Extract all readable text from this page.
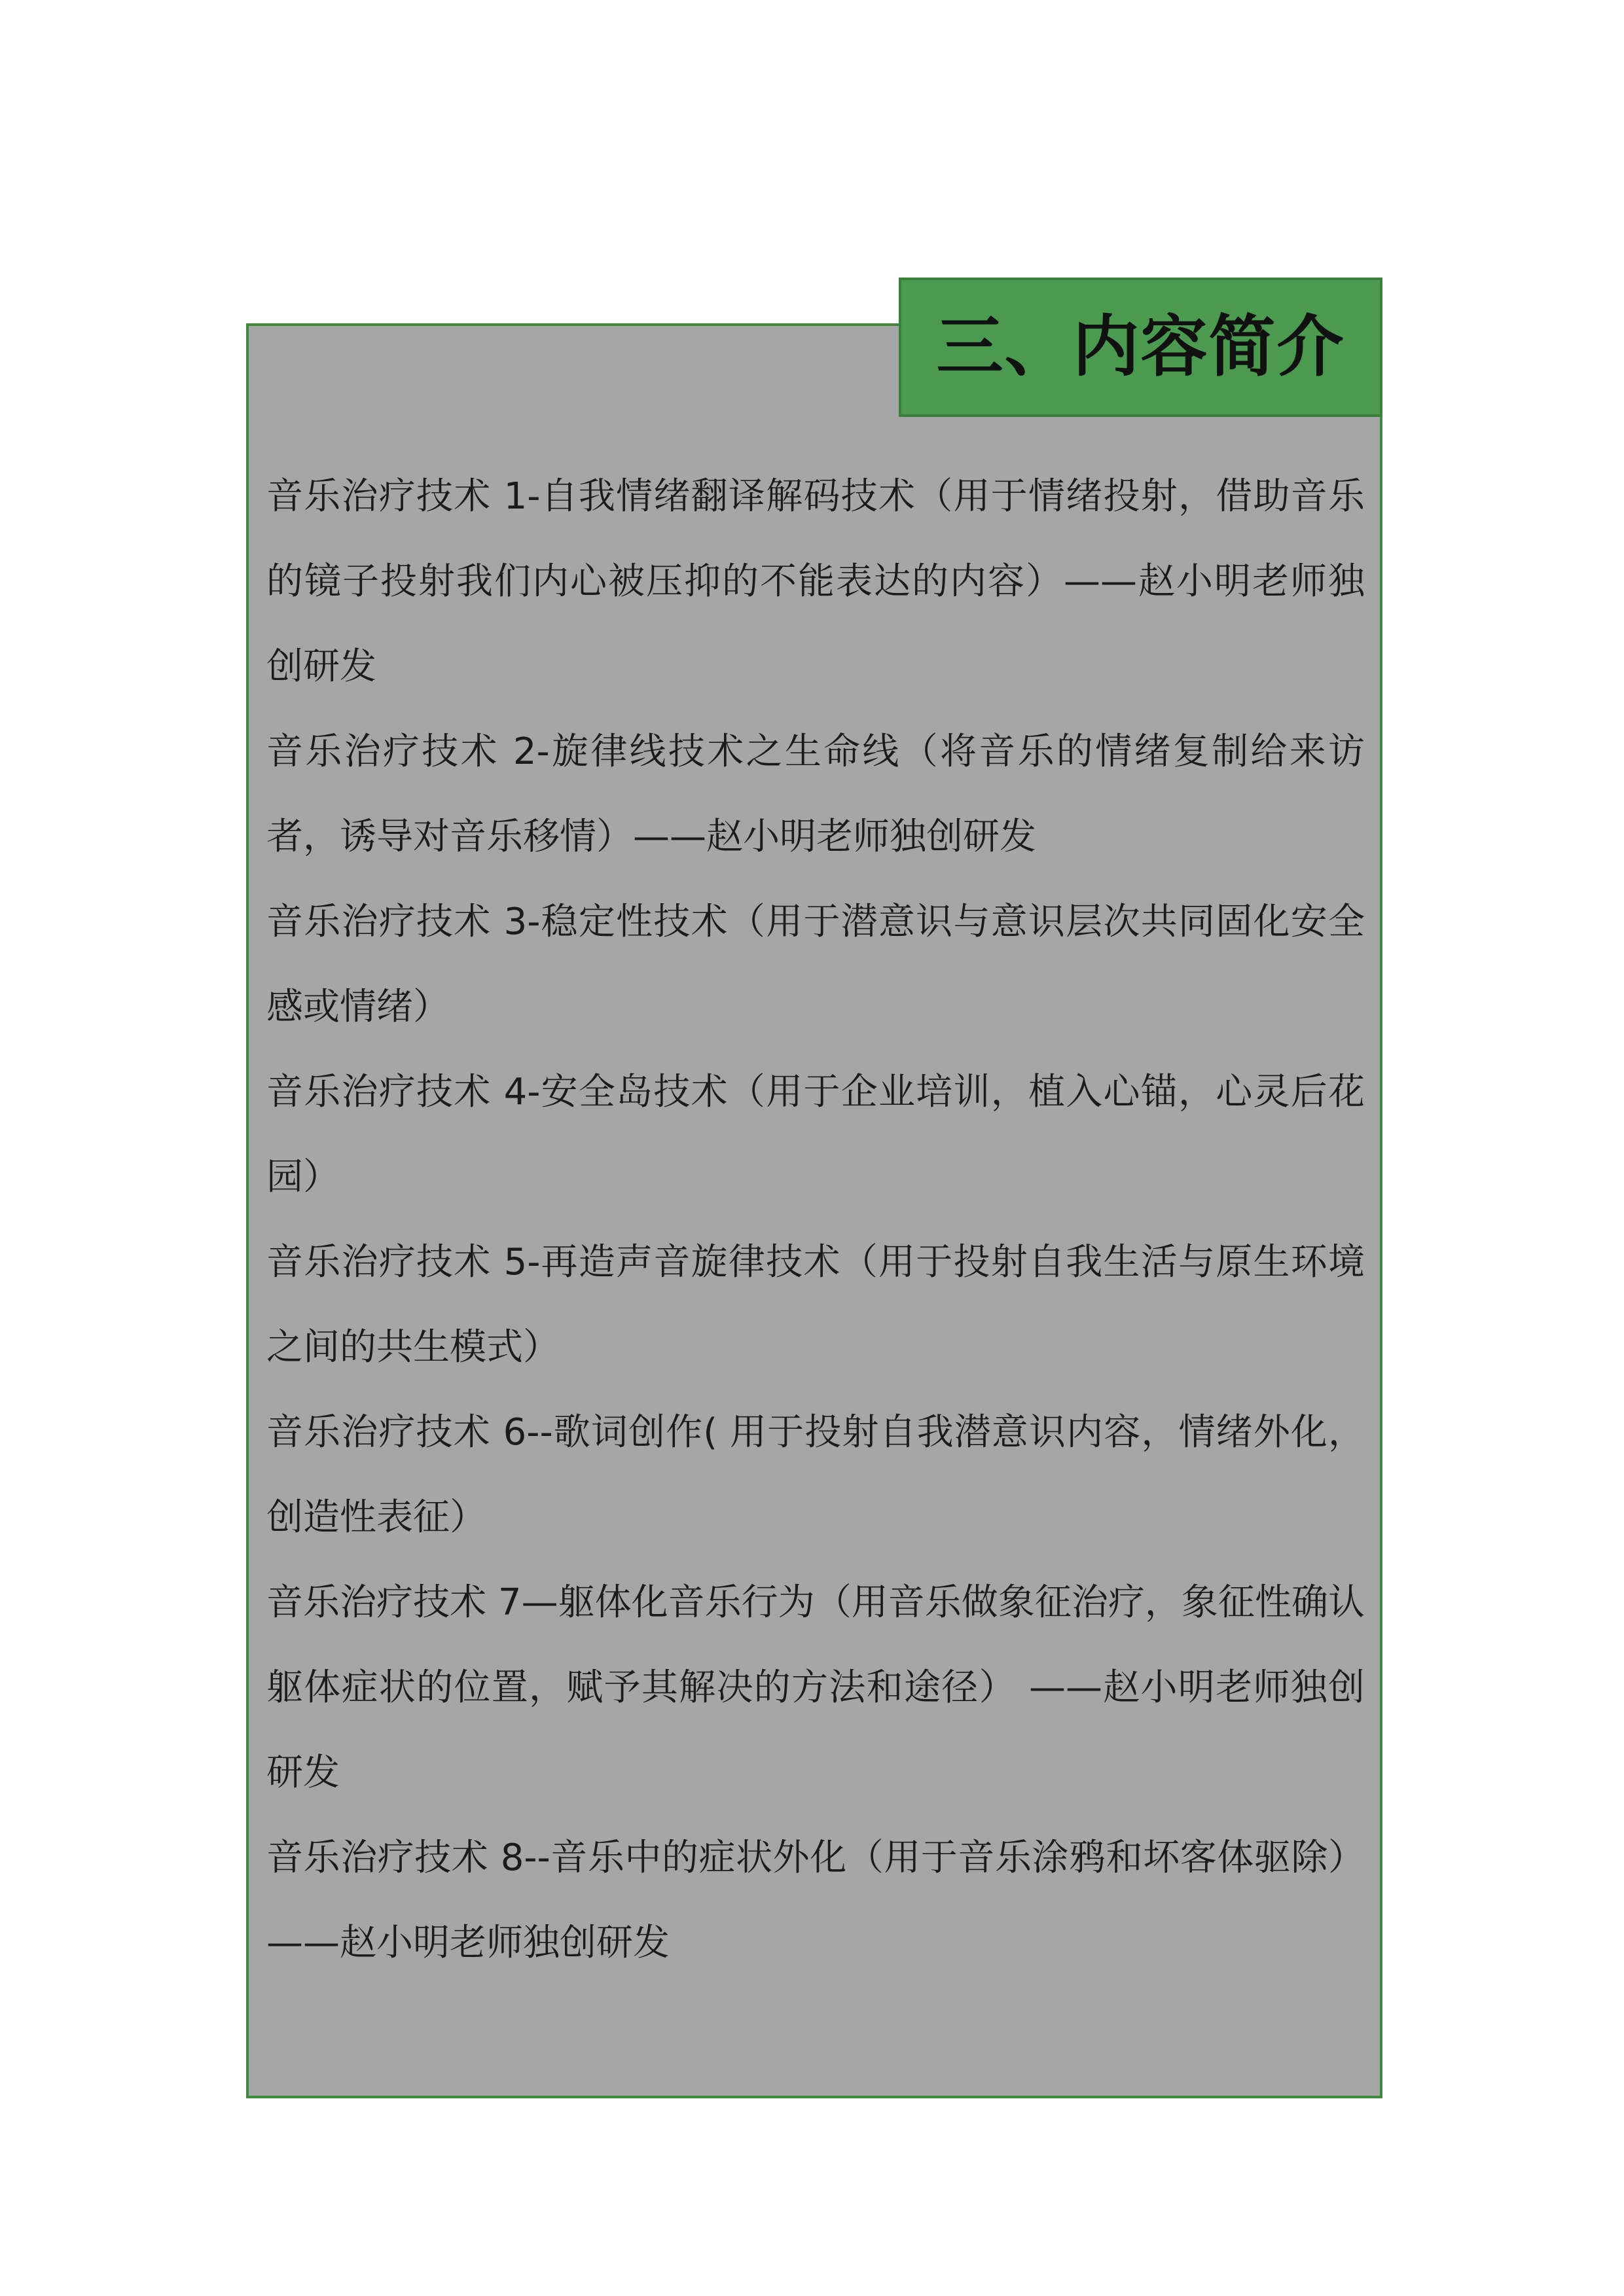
三、内容简介

音乐治疗技术 1-自我情绪翻译解码技术（用于情绪投射，借助音乐的镜子投射我们内心被压抑的不能表达的内容）——赵小明老师独创研发

音乐治疗技术 2-旋律线技术之生命线（将音乐的情绪复制给来访者，诱导对音乐移情）——赵小明老师独创研发

音乐治疗技术 3-稳定性技术（用于潜意识与意识层次共同固化安全感或情绪）

音乐治疗技术 4-安全岛技术（用于企业培训，植入心锚，心灵后花园）

音乐治疗技术 5-再造声音旋律技术（用于投射自我生活与原生环境之间的共生模式）

音乐治疗技术 6--歌词创作( 用于投射自我潜意识内容，情绪外化，创造性表征）

音乐治疗技术 7—躯体化音乐行为（用音乐做象征治疗，象征性确认躯体症状的位置，赋予其解决的方法和途径） ——赵小明老师独创研发

音乐治疗技术 8--音乐中的症状外化（用于音乐涂鸦和坏客体驱除）——赵小明老师独创研发
